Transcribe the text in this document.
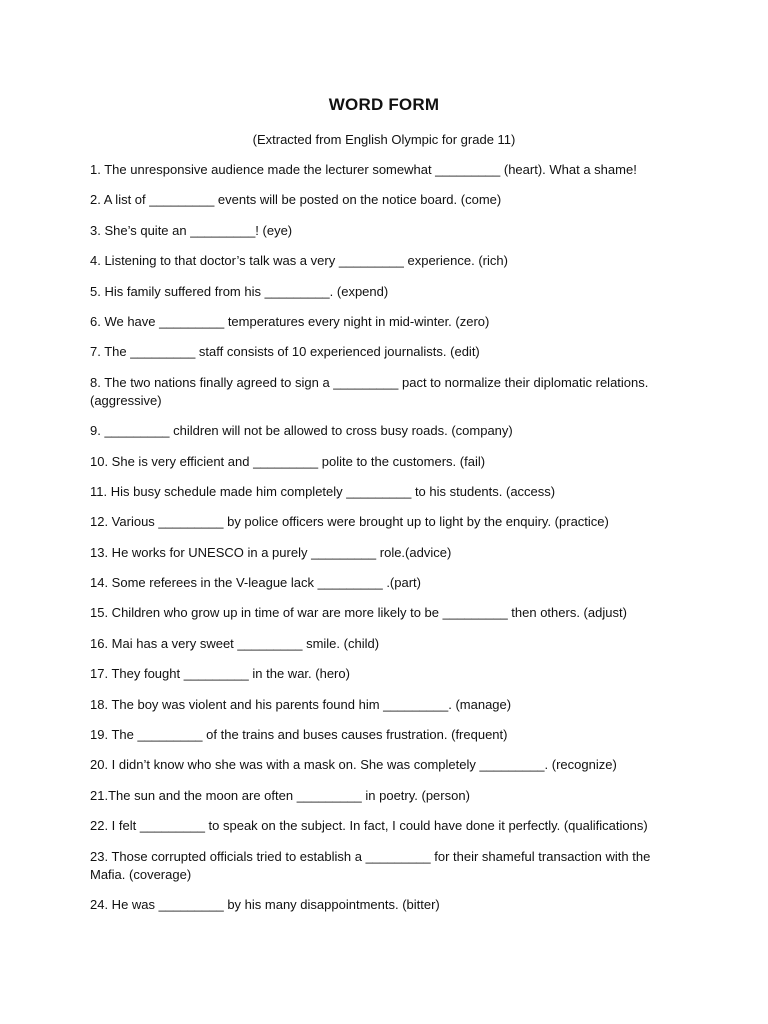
WORD FORM
(Extracted from English Olympic for grade 11)
1. The unresponsive audience made the lecturer somewhat _________ (heart). What a shame!
2. A list of _________ events will be posted on the notice board. (come)
3. She’s quite an _________! (eye)
4. Listening to that doctor’s talk was a very _________ experience. (rich)
5. His family suffered from his _________. (expend)
6. We have _________ temperatures every night in mid-winter. (zero)
7. The _________ staff consists of 10 experienced journalists. (edit)
8. The two nations finally agreed to sign a _________ pact to normalize their diplomatic relations. (aggressive)
9. _________ children will not be allowed to cross busy roads. (company)
10. She is very efficient and _________ polite to the customers. (fail)
11. His busy schedule made him completely _________ to his students. (access)
12. Various _________ by police officers were brought up to light by the enquiry. (practice)
13. He works for UNESCO in a purely _________ role.(advice)
14. Some referees in the V-league lack _________ .(part)
15. Children who grow up in time of war are more likely to be _________ then others. (adjust)
16. Mai has a very sweet _________ smile. (child)
17. They fought _________ in the war. (hero)
18. The boy was violent and his parents found him _________. (manage)
19. The _________ of the trains and buses causes frustration. (frequent)
20. I didn’t know who she was with a mask on. She was completely _________. (recognize)
21.The sun and the moon are often _________ in poetry. (person)
22. I felt _________ to speak on the subject. In fact, I could have done it perfectly. (qualifications)
23. Those corrupted officials tried to establish a _________ for their shameful transaction with the Mafia. (coverage)
24. He was _________ by his many disappointments. (bitter)
